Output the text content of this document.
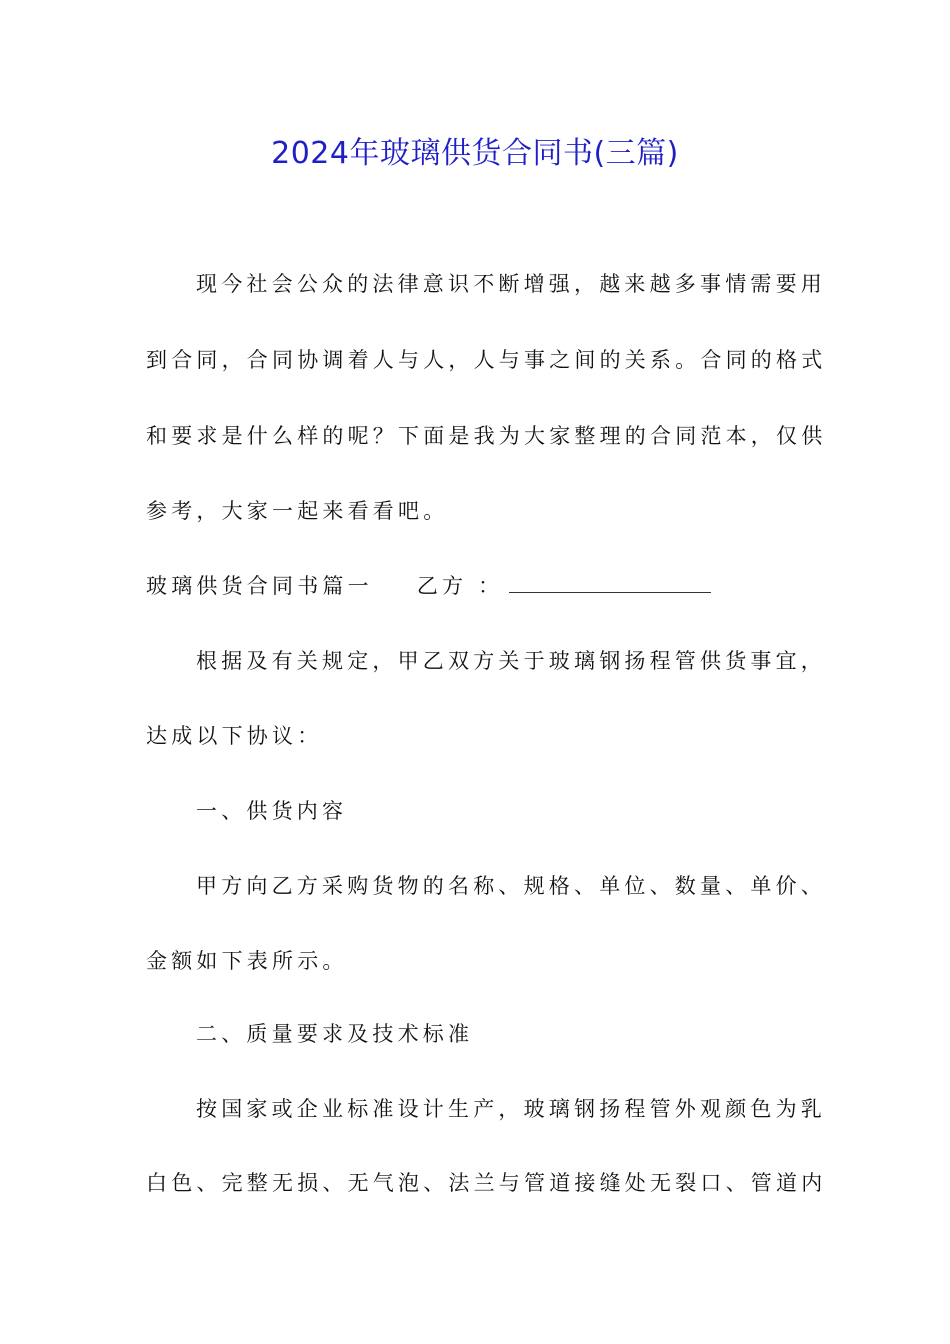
2024年玻璃供货合同书(三篇)
现今社会公众的法律意识不断增强，越来越多事情需要用
到合同，合同协调着人与人，人与事之间的关系。合同的格式
和要求是什么样的呢？下面是我为大家整理的合同范本，仅供
参考，大家一起来看看吧。
玻璃供货合同书篇一 乙方 ：
根据及有关规定，甲乙双方关于玻璃钢扬程管供货事宜，
达成以下协议：
一、供货内容
甲方向乙方采购货物的名称、规格、单位、数量、单价、
金额如下表所示。
二、质量要求及技术标准
按国家或企业标准设计生产，玻璃钢扬程管外观颜色为乳
白色、完整无损、无气泡、法兰与管道接缝处无裂口、管道内
